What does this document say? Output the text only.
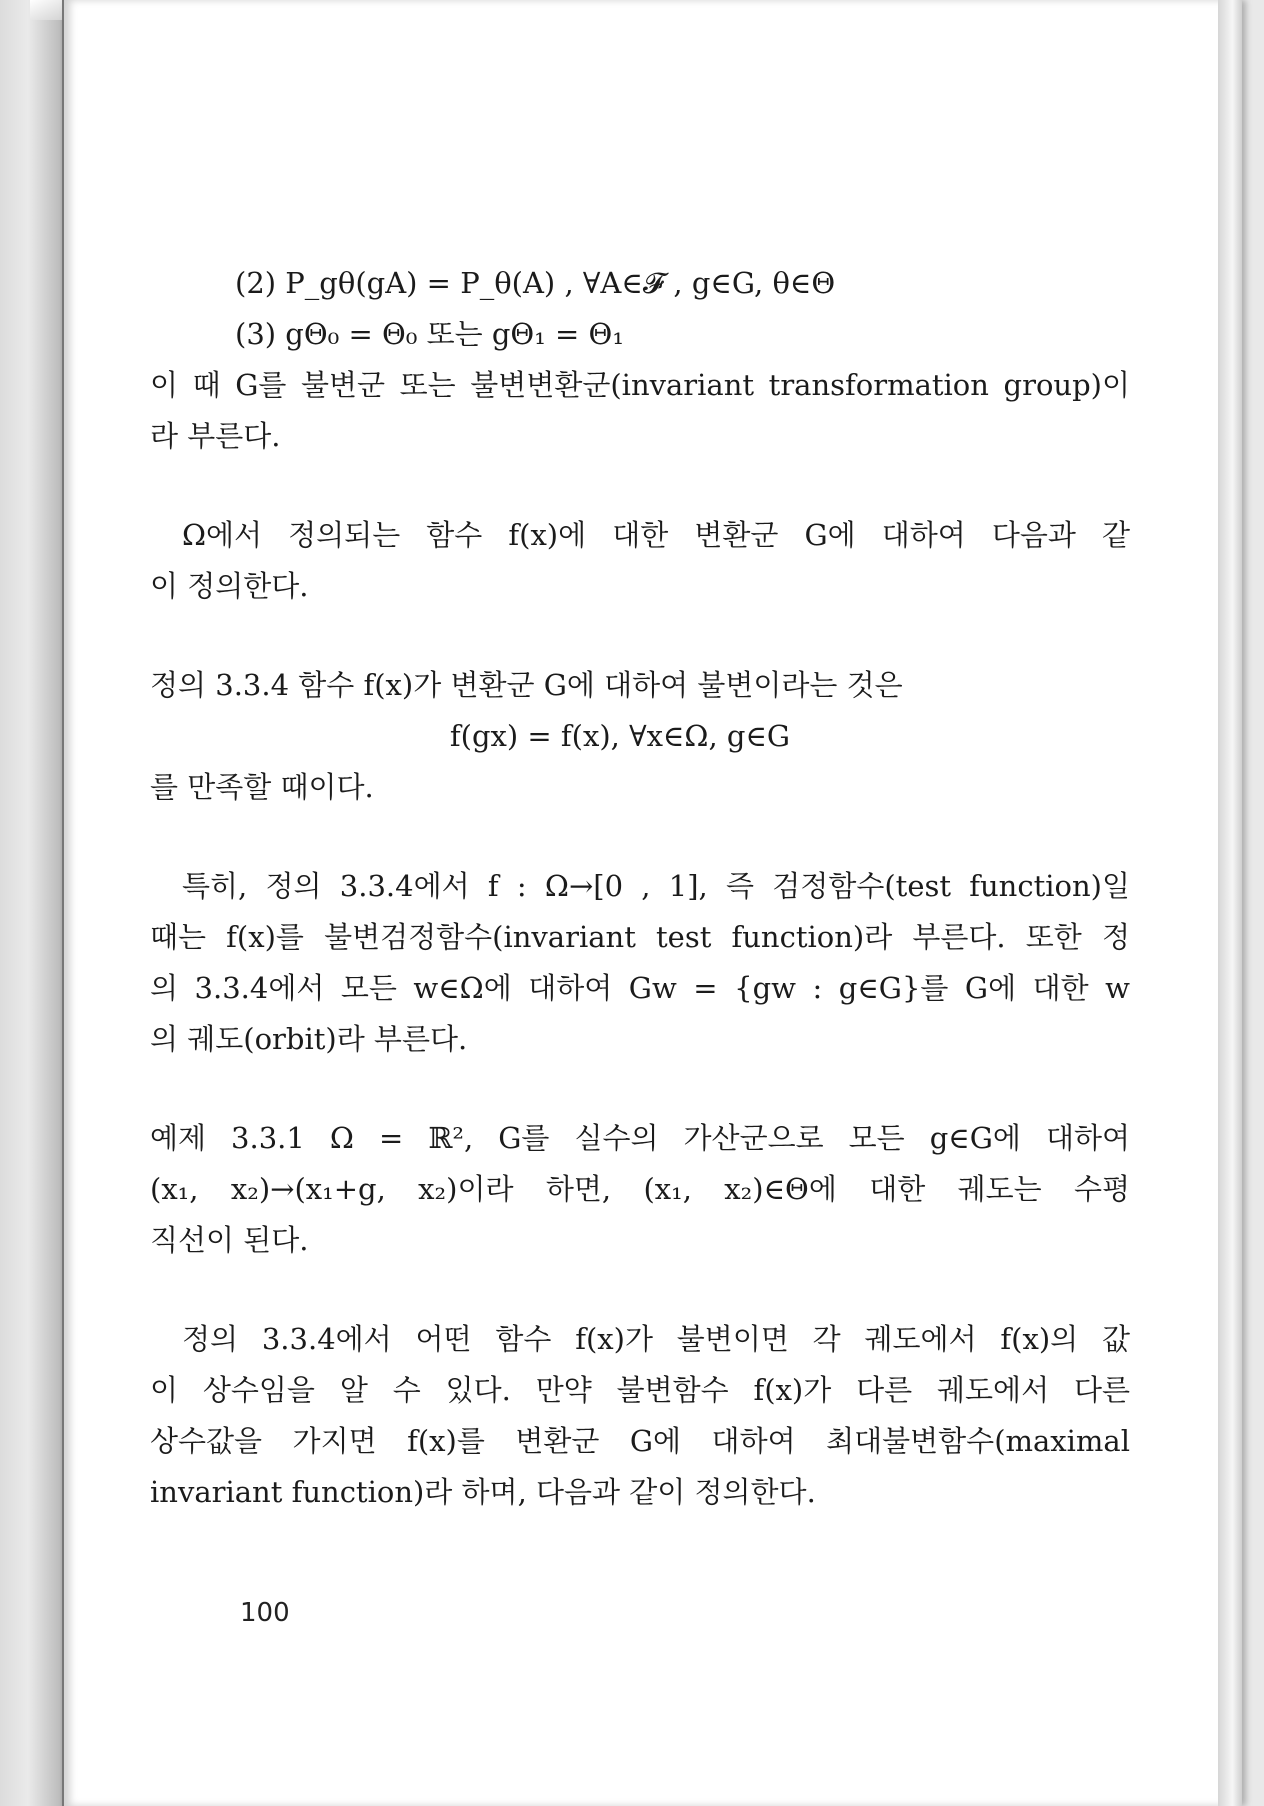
(2) P_gθ(gA) = P_θ(A) , ∀A∈𝓕 , g∈G, θ∈Θ

(3) gΘ₀ = Θ₀ 또는 gΘ₁ = Θ₁

이 때 G를 불변군 또는 불변변환군(invariant transformation group)이

라 부른다.

Ω에서 정의되는 함수 f(x)에 대한 변환군 G에 대하여 다음과 같

이 정의한다.

정의 3.3.4 함수 f(x)가 변환군 G에 대하여 불변이라는 것은

f(gx) = f(x), ∀x∈Ω, g∈G

를 만족할 때이다.

특히, 정의 3.3.4에서 f : Ω→[0 , 1], 즉 검정함수(test function)일

때는 f(x)를 불변검정함수(invariant test function)라 부른다. 또한 정

의 3.3.4에서 모든 w∈Ω에 대하여 Gw = {gw : g∈G}를 G에 대한 w

의 궤도(orbit)라 부른다.

예제 3.3.1 Ω = ℝ², G를 실수의 가산군으로 모든 g∈G에 대하여

(x₁, x₂)→(x₁+g, x₂)이라 하면, (x₁, x₂)∈Θ에 대한 궤도는 수평

직선이 된다.

정의 3.3.4에서 어떤 함수 f(x)가 불변이면 각 궤도에서 f(x)의 값

이 상수임을 알 수 있다. 만약 불변함수 f(x)가 다른 궤도에서 다른

상수값을 가지면 f(x)를 변환군 G에 대하여 최대불변함수(maximal

invariant function)라 하며, 다음과 같이 정의한다.

100
